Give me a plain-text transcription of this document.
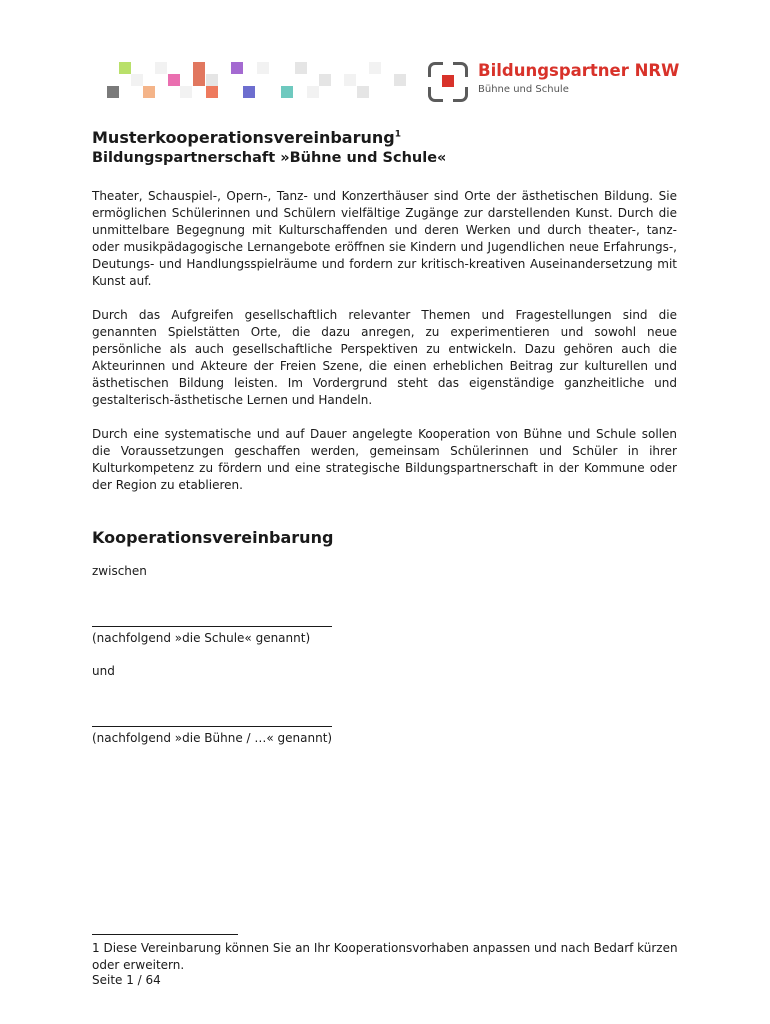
Bildungspartner NRW
Bühne und Schule
Musterkooperationsvereinbarung$^1$
Bildungspartnerschaft »Bühne und Schule«

Theater, Schauspiel-, Opern-, Tanz- und Konzerthäuser sind Orte der ästhetischen Bildung. Sie ermöglichen Schülerinnen und Schülern vielfältige Zugänge zur darstellenden Kunst. Durch die unmittelbare Begegnung mit Kulturschaffenden und deren Werken und durch theater-, tanz- oder musikpädagogische Lernangebote eröffnen sie Kindern und Jugendlichen neue Erfahrungs-, Deutungs- und Handlungsspielräume und fordern zur kritisch-kreativen Auseinandersetzung mit Kunst auf.

Durch das Aufgreifen gesellschaftlich relevanter Themen und Fragestellungen sind die genannten Spielstätten Orte, die dazu anregen, zu experimentieren und sowohl neue persönliche als auch gesellschaftliche Perspektiven zu entwickeln. Dazu gehören auch die Akteurinnen und Akteure der Freien Szene, die einen erheblichen Beitrag zur kulturellen und ästhetischen Bildung leisten. Im Vordergrund steht das eigenständige ganzheitliche und gestalterisch-ästhetische Lernen und Handeln.

Durch eine systematische und auf Dauer angelegte Kooperation von Bühne und Schule sollen die Voraussetzungen geschaffen werden, gemeinsam Schülerinnen und Schüler in ihrer Kulturkompetenz zu fördern und eine strategische Bildungspartnerschaft in der Kommune oder der Region zu etablieren.

Kooperationsvereinbarung

zwischen

(nachfolgend »die Schule« genannt)

und

(nachfolgend »die Bühne / …« genannt)

1 Diese Vereinbarung können Sie an Ihr Kooperationsvorhaben anpassen und nach Bedarf kürzen oder erweitern.
Seite 1 / 64
